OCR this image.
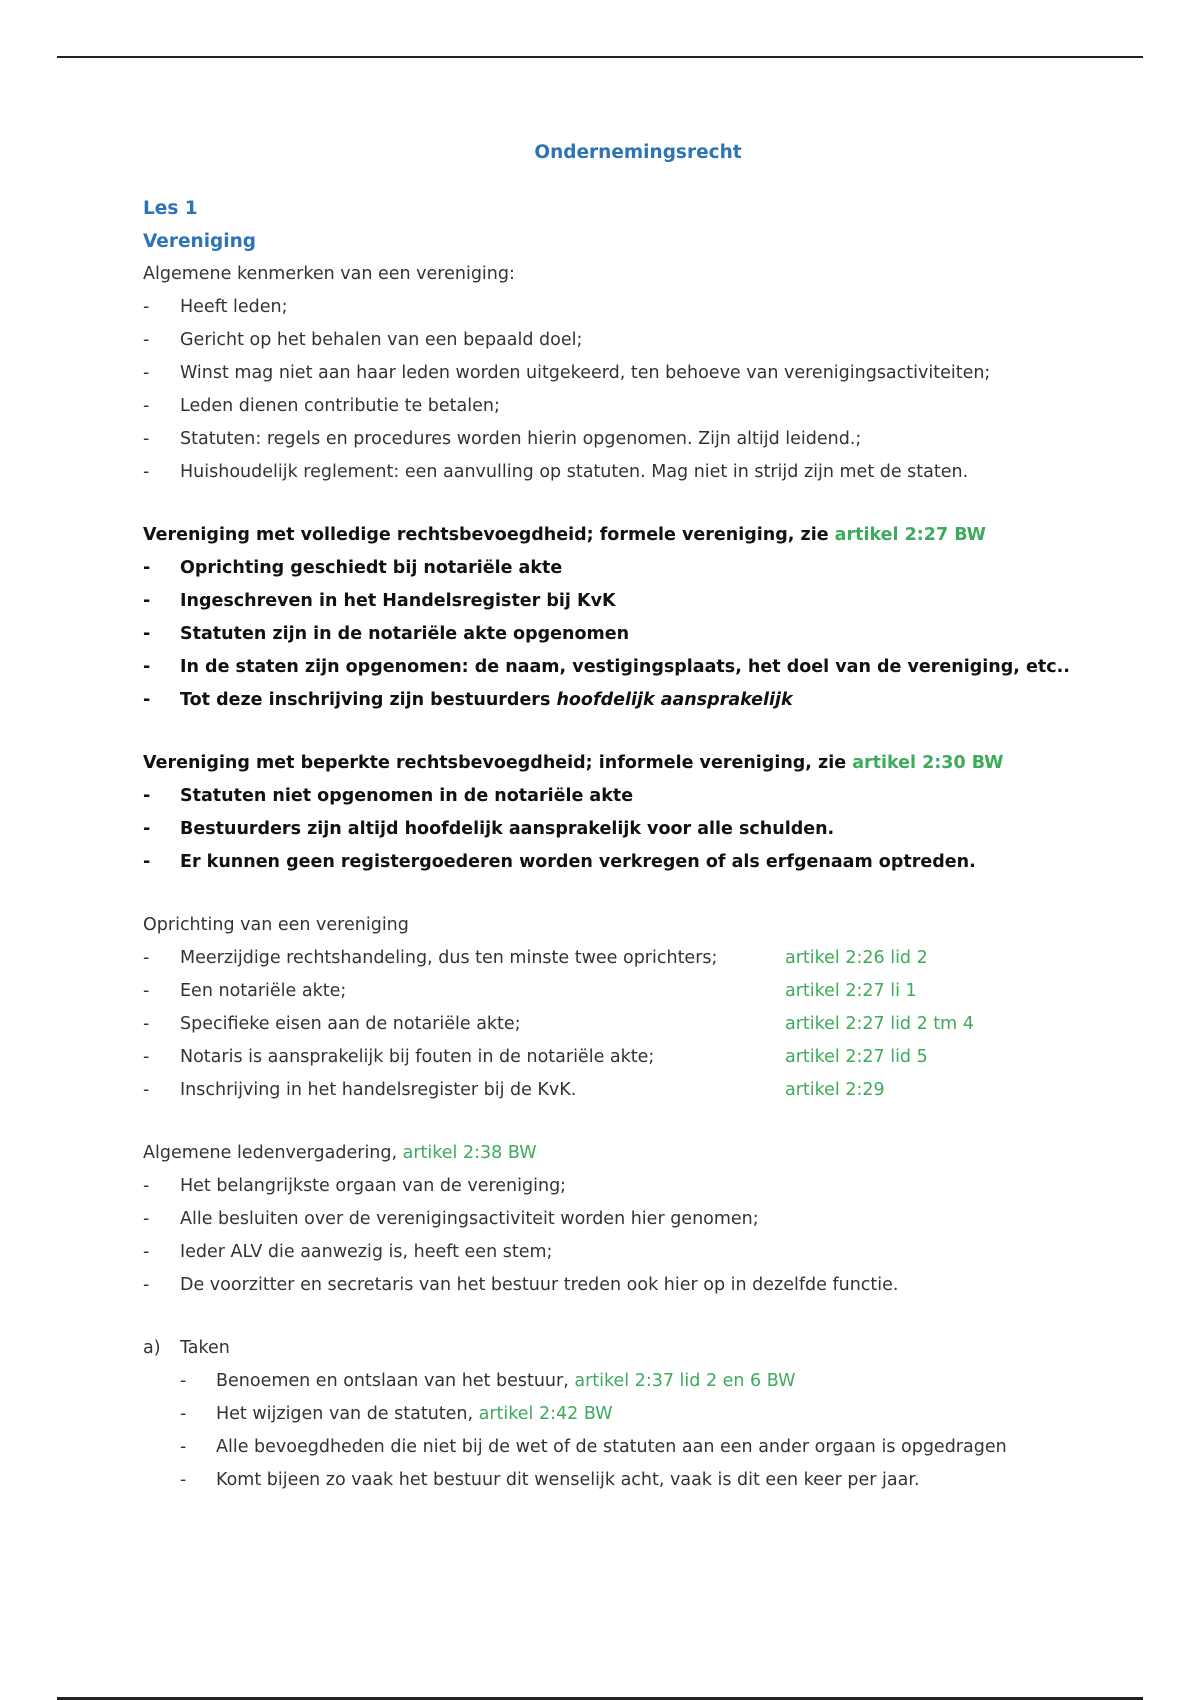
Ondernemingsrecht
Les 1
Vereniging
Algemene kenmerken van een vereniging:
- Heeft leden;
- Gericht op het behalen van een bepaald doel;
- Winst mag niet aan haar leden worden uitgekeerd, ten behoeve van verenigingsactiviteiten;
- Leden dienen contributie te betalen;
- Statuten: regels en procedures worden hierin opgenomen. Zijn altijd leidend.;
- Huishoudelijk reglement: een aanvulling op statuten. Mag niet in strijd zijn met de staten.
Vereniging met volledige rechtsbevoegdheid; formele vereniging, zie artikel 2:27 BW
- Oprichting geschiedt bij notariële akte
- Ingeschreven in het Handelsregister bij KvK
- Statuten zijn in de notariële akte opgenomen
- In de staten zijn opgenomen: de naam, vestigingsplaats, het doel van de vereniging, etc..
- Tot deze inschrijving zijn bestuurders hoofdelijk aansprakelijk
Vereniging met beperkte rechtsbevoegdheid; informele vereniging, zie artikel 2:30 BW
- Statuten niet opgenomen in de notariële akte
- Bestuurders zijn altijd hoofdelijk aansprakelijk voor alle schulden.
- Er kunnen geen registergoederen worden verkregen of als erfgenaam optreden.
Oprichting van een vereniging
- Meerzijdige rechtshandeling, dus ten minste twee oprichters;	artikel 2:26 lid 2
- Een notariële akte;	artikel 2:27 li 1
- Specifieke eisen aan de notariële akte;	artikel 2:27 lid 2 tm 4
- Notaris is aansprakelijk bij fouten in de notariële akte;	artikel 2:27 lid 5
- Inschrijving in het handelsregister bij de KvK.	artikel 2:29
Algemene ledenvergadering, artikel 2:38 BW
- Het belangrijkste orgaan van de vereniging;
- Alle besluiten over de verenigingsactiviteit worden hier genomen;
- Ieder ALV die aanwezig is, heeft een stem;
- De voorzitter en secretaris van het bestuur treden ook hier op in dezelfde functie.
a) Taken
- Benoemen en ontslaan van het bestuur, artikel 2:37 lid 2 en 6 BW
- Het wijzigen van de statuten, artikel 2:42 BW
- Alle bevoegdheden die niet bij de wet of de statuten aan een ander orgaan is opgedragen
- Komt bijeen zo vaak het bestuur dit wenselijk acht, vaak is dit een keer per jaar.
